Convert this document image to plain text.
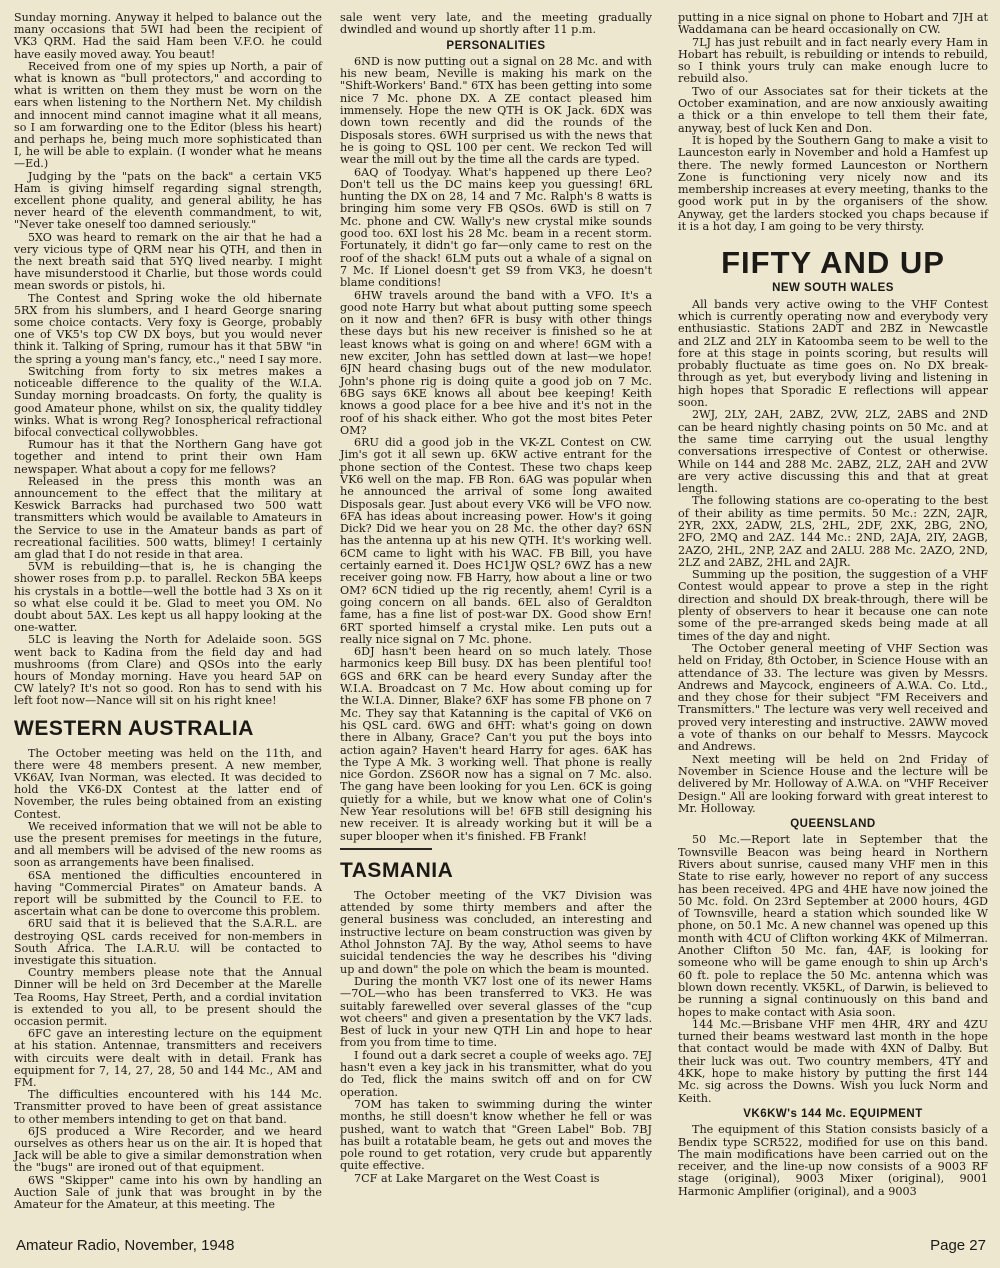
Sunday morning. Anyway it helped to balance out the many occasions that 5WI had been the recipient of VK3 QRM. Had the said Ham been V.F.O. he could have easily moved away. You beaut!

Received from one of my spies up North, a pair of what is known as "bull protectors," and according to what is written on them they must be worn on the ears when listening to the Northern Net. My childish and innocent mind cannot imagine what it all means, so I am forwarding one to the Editor (bless his heart) and perhaps he, being much more sophisticated than I, he will be able to explain. (I wonder what he means—Ed.)

Judging by the "pats on the back" a certain VK5 Ham is giving himself regarding signal strength, excellent phone quality, and general ability, he has never heard of the eleventh commandment, to wit, "Never take oneself too damned seriously."

5XO was heard to remark on the air that he had a very vicious type of QRM near his QTH, and then in the next breath said that 5YQ lived nearby. I might have misunderstood it Charlie, but those words could mean swords or pistols, hi.

The Contest and Spring woke the old hibernate 5RX from his slumbers, and I heard George snaring some choice contacts. Very foxy is George, probably one of VK5's top CW DX boys, but you would never think it. Talking of Spring, rumour has it that 5BW "in the spring a young man's fancy, etc.," need I say more.

Switching from forty to six metres makes a noticeable difference to the quality of the W.I.A. Sunday morning broadcasts. On forty, the quality is good Amateur phone, whilst on six, the quality tiddley winks. What is wrong Reg? Ionospherical refractional bifocal convectical collywobbles.

Rumour has it that the Northern Gang have got together and intend to print their own Ham newspaper. What about a copy for me fellows?

Released in the press this month was an announcement to the effect that the military at Keswick Barracks had purchased two 500 watt transmitters which would be available to Amateurs in the Service to use in the Amateur bands as part of recreational facilities. 500 watts, blimey! I certainly am glad that I do not reside in that area.

5VM is rebuilding—that is, he is changing the shower roses from p.p. to parallel. Reckon 5BA keeps his crystals in a bottle—well the bottle had 3 Xs on it so what else could it be. Glad to meet you OM. No doubt about 5AX. Les kept us all happy looking at the one-watter.

5LC is leaving the North for Adelaide soon. 5GS went back to Kadina from the field day and had mushrooms (from Clare) and QSOs into the early hours of Monday morning. Have you heard 5AP on CW lately? It's not so good. Ron has to send with his left foot now—Nance will sit on his right knee!

WESTERN AUSTRALIA

The October meeting was held on the 11th, and there were 48 members present. A new member, VK6AV, Ivan Norman, was elected. It was decided to hold the VK6-DX Contest at the latter end of November, the rules being obtained from an existing Contest.

We received information that we will not be able to use the present premises for meetings in the future, and all members will be advised of the new rooms as soon as arrangements have been finalised.

6SA mentioned the difficulties encountered in having "Commercial Pirates" on Amateur bands. A report will be submitted by the Council to F.E. to ascertain what can be done to overcome this problem.

6RU said that it is believed that the S.A.R.L. are destroying QSL cards received for non-members in South Africa. The I.A.R.U. will be contacted to investigate this situation.

Country members please note that the Annual Dinner will be held on 3rd December at the Marelle Tea Rooms, Hay Street, Perth, and a cordial invitation is extended to you all, to be present should the occasion permit.

6FC gave an interesting lecture on the equipment at his station. Antennae, transmitters and receivers with circuits were dealt with in detail. Frank has equipment for 7, 14, 27, 28, 50 and 144 Mc., AM and FM.

The difficulties encountered with his 144 Mc. Transmitter proved to have been of great assistance to other members intending to get on that band.

6JS produced a Wire Recorder, and we heard ourselves as others hear us on the air. It is hoped that Jack will be able to give a similar demonstration when the "bugs" are ironed out of that equipment.

6WS "Skipper" came into his own by handling an Auction Sale of junk that was brought in by the Amateur for the Amateur, at this meeting. The

sale went very late, and the meeting gradually dwindled and wound up shortly after 11 p.m.

PERSONALITIES

6ND is now putting out a signal on 28 Mc. and with his new beam, Neville is making his mark on the "Shift-Workers' Band." 6TX has been getting into some nice 7 Mc. phone DX. A ZE contact pleased him immensely. Hope the new QTH is OK Jack. 6DX was down town recently and did the rounds of the Disposals stores. 6WH surprised us with the news that he is going to QSL 100 per cent. We reckon Ted will wear the mill out by the time all the cards are typed.

6AQ of Toodyay. What's happened up there Leo? Don't tell us the DC mains keep you guessing! 6RL hunting the DX on 28, 14 and 7 Mc. Ralph's 8 watts is bringing him some very FB QSOs. 6WD is still on 7 Mc. phone and CW. Wally's new crystal mike sounds good too. 6XI lost his 28 Mc. beam in a recent storm. Fortunately, it didn't go far—only came to rest on the roof of the shack! 6LM puts out a whale of a signal on 7 Mc. If Lionel doesn't get S9 from VK3, he doesn't blame conditions!

6HW travels around the band with a VFO. It's a good note Harry but what about putting some speech on it now and then? 6FR is busy with other things these days but his new receiver is finished so he at least knows what is going on and where! 6GM with a new exciter, John has settled down at last—we hope! 6JN heard chasing bugs out of the new modulator. John's phone rig is doing quite a good job on 7 Mc. 6BG says 6KE knows all about bee keeping! Keith knows a good place for a bee hive and it's not in the roof of his shack either. Who got the most bites Peter OM?

6RU did a good job in the VK-ZL Contest on CW. Jim's got it all sewn up. 6KW active entrant for the phone section of the Contest. These two chaps keep VK6 well on the map. FB Ron. 6AG was popular when he announced the arrival of some long awaited Disposals gear. Just about every VK6 will be VFO now. 6FA has ideas about increasing power. How's it going Dick? Did we hear you on 28 Mc. the other day? 6SN has the antenna up at his new QTH. It's working well. 6CM came to light with his WAC. FB Bill, you have certainly earned it. Does HC1JW QSL? 6WZ has a new receiver going now. FB Harry, how about a line or two OM? 6CN tidied up the rig recently, ahem! Cyril is a going concern on all bands. 6EL also of Geraldton fame, has a fine list of post-war DX. Good show Ern! 6RT sported himself a crystal mike. Len puts out a really nice signal on 7 Mc. phone.

6DJ hasn't been heard on so much lately. Those harmonics keep Bill busy. DX has been plentiful too! 6GS and 6RK can be heard every Sunday after the W.I.A. Broadcast on 7 Mc. How about coming up for the W.I.A. Dinner, Blake? 6XF has some FB phone on 7 Mc. They say that Katanning is the capital of VK6 on his QSL card. 6WG and 6HT: what's going on down there in Albany, Grace? Can't you put the boys into action again? Haven't heard Harry for ages. 6AK has the Type A Mk. 3 working well. That phone is really nice Gordon. ZS6OR now has a signal on 7 Mc. also. The gang have been looking for you Len. 6CK is going quietly for a while, but we know what one of Colin's New Year resolutions will be! 6FB still designing his new receiver. It is already working but it will be a super blooper when it's finished. FB Frank!

TASMANIA

The October meeting of the VK7 Division was attended by some thirty members and after the general business was concluded, an interesting and instructive lecture on beam construction was given by Athol Johnston 7AJ. By the way, Athol seems to have suicidal tendencies the way he describes his "diving up and down" the pole on which the beam is mounted.

During the month VK7 lost one of its newer Hams —7OL—who has been transferred to VK3. He was suitably farewelled over several glasses of the "cup wot cheers" and given a presentation by the VK7 lads. Best of luck in your new QTH Lin and hope to hear from you from time to time.

I found out a dark secret a couple of weeks ago. 7EJ hasn't even a key jack in his transmitter, what do you do Ted, flick the mains switch off and on for CW operation.

7OM has taken to swimming during the winter months, he still doesn't know whether he fell or was pushed, want to watch that "Green Label" Bob. 7BJ has built a rotatable beam, he gets out and moves the pole round to get rotation, very crude but apparently quite effective.

7CF at Lake Margaret on the West Coast is

putting in a nice signal on phone to Hobart and 7JH at Waddamana can be heard occasionally on CW.

7LJ has just rebuilt and in fact nearly every Ham in Hobart has rebuilt, is rebuilding or intends to rebuild, so I think yours truly can make enough lucre to rebuild also.

Two of our Associates sat for their tickets at the October examination, and are now anxiously awaiting a thick or a thin envelope to tell them their fate, anyway, best of luck Ken and Don.

It is hoped by the Southern Gang to make a visit to Launceston early in November and hold a Hamfest up there. The newly formed Launceston or Northern Zone is functioning very nicely now and its membership increases at every meeting, thanks to the good work put in by the organisers of the show. Anyway, get the larders stocked you chaps because if it is a hot day, I am going to be very thirsty.

FIFTY AND UP
NEW SOUTH WALES

All bands very active owing to the VHF Contest which is currently operating now and everybody very enthusiastic. Stations 2ADT and 2BZ in Newcastle and 2LZ and 2LY in Katoomba seem to be well to the fore at this stage in points scoring, but results will probably fluctuate as time goes on. No DX break-through as yet, but everybody living and listening in high hopes that Sporadic E reflections will appear soon.

2WJ, 2LY, 2AH, 2ABZ, 2VW, 2LZ, 2ABS and 2ND can be heard nightly chasing points on 50 Mc. and at the same time carrying out the usual lengthy conversations irrespective of Contest or otherwise. While on 144 and 288 Mc. 2ABZ, 2LZ, 2AH and 2VW are very active discussing this and that at great length.

The following stations are co-operating to the best of their ability as time permits. 50 Mc.: 2ZN, 2AJR, 2YR, 2XX, 2ADW, 2LS, 2HL, 2DF, 2XK, 2BG, 2NO, 2FO, 2MQ and 2AZ. 144 Mc.: 2ND, 2AJA, 2IY, 2AGB, 2AZO, 2HL, 2NP, 2AZ and 2ALU. 288 Mc. 2AZO, 2ND, 2LZ and 2ABZ, 2HL and 2AJR.

Summing up the position, the suggestion of a VHF Contest would appear to prove a step in the right direction and should DX break-through, there will be plenty of observers to hear it because one can note some of the pre-arranged skeds being made at all times of the day and night.

The October general meeting of VHF Section was held on Friday, 8th October, in Science House with an attendance of 33. The lecture was given by Messrs. Andrews and Maycock, engineers of A.W.A. Co. Ltd., and they chose for their subject "FM Receivers and Transmitters." The lecture was very well received and proved very interesting and instructive. 2AWW moved a vote of thanks on our behalf to Messrs. Maycock and Andrews.

Next meeting will be held on 2nd Friday of November in Science House and the lecture will be delivered by Mr. Holloway of A.W.A. on "VHF Receiver Design." All are looking forward with great interest to Mr. Holloway.

QUEENSLAND

50 Mc.—Report late in September that the Townsville Beacon was being heard in Northern Rivers about sunrise, caused many VHF men in this State to rise early, however no report of any success has been received. 4PG and 4HE have now joined the 50 Mc. fold. On 23rd September at 2000 hours, 4GD of Townsville, heard a station which sounded like W phone, on 50.1 Mc. A new channel was opened up this month with 4CU of Clifton working 4KK of Milmerran. Another Clifton 50 Mc. fan, 4AF, is looking for someone who will be game enough to shin up Arch's 60 ft. pole to replace the 50 Mc. antenna which was blown down recently. VK5KL, of Darwin, is believed to be running a signal continuously on this band and hopes to make contact with Asia soon.

144 Mc.—Brisbane VHF men 4HR, 4RY and 4ZU turned their beams westward last month in the hope that contact would be made with 4XN of Dalby. But their luck was out. Two country members, 4TY and 4KK, hope to make history by putting the first 144 Mc. sig across the Downs. Wish you luck Norm and Keith.

VK6KW's 144 Mc. EQUIPMENT

The equipment of this Station consists basicly of a Bendix type SCR522, modified for use on this band. The main modifications have been carried out on the receiver, and the line-up now consists of a 9003 RF stage (original), 9003 Mixer (original), 9001 Harmonic Amplifier (original), and a 9003

Amateur Radio, November, 1948	Page 27
